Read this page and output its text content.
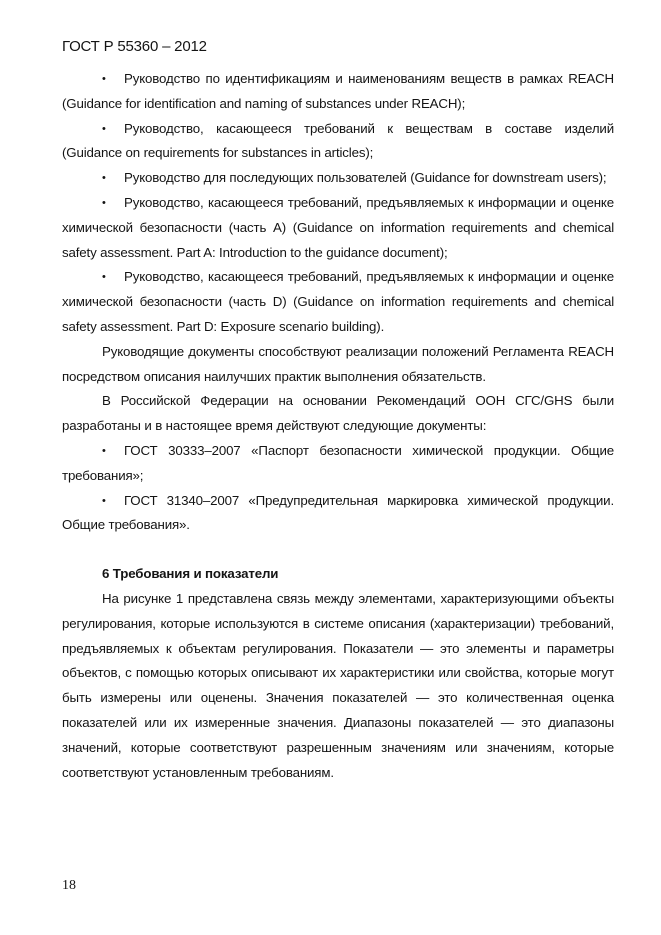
ГОСТ Р 55360 – 2012

• Руководство по идентификациям и наименованиям веществ в рамках REACH (Guidance for identification and naming of substances under REACH);

• Руководство, касающееся требований к веществам в составе изделий (Guidance on requirements for substances in articles);

• Руководство для последующих пользователей (Guidance for downstream users);

• Руководство, касающееся требований, предъявляемых к информации и оценке химической безопасности (часть А) (Guidance on information requirements and chemical safety assessment. Part A: Introduction to the guidance document);

• Руководство, касающееся требований, предъявляемых к информации и оценке химической безопасности (часть D) (Guidance on information requirements and chemical safety assessment. Part D: Exposure scenario building).

Руководящие документы способствуют реализации положений Регламента REACH посредством описания наилучших практик выполнения обязательств.

В Российской Федерации на основании Рекомендаций ООН СГС/GHS были разработаны и в настоящее время действуют следующие документы:

• ГОСТ 30333–2007 «Паспорт безопасности химической продукции. Общие требования»;

• ГОСТ 31340–2007 «Предупредительная маркировка химической продукции. Общие требования».

6 Требования и показатели

На рисунке 1 представлена связь между элементами, характеризующими объекты регулирования, которые используются в системе описания (характеризации) требований, предъявляемых к объектам регулирования. Показатели — это элементы и параметры объектов, с помощью которых описывают их характеристики или свойства, которые могут быть измерены или оценены. Значения показателей — это количественная оценка показателей или их измеренные значения. Диапазоны показателей — это диапазоны значений, которые соответствуют разрешенным значениям или значениям, которые соответствуют установленным требованиям.

18
